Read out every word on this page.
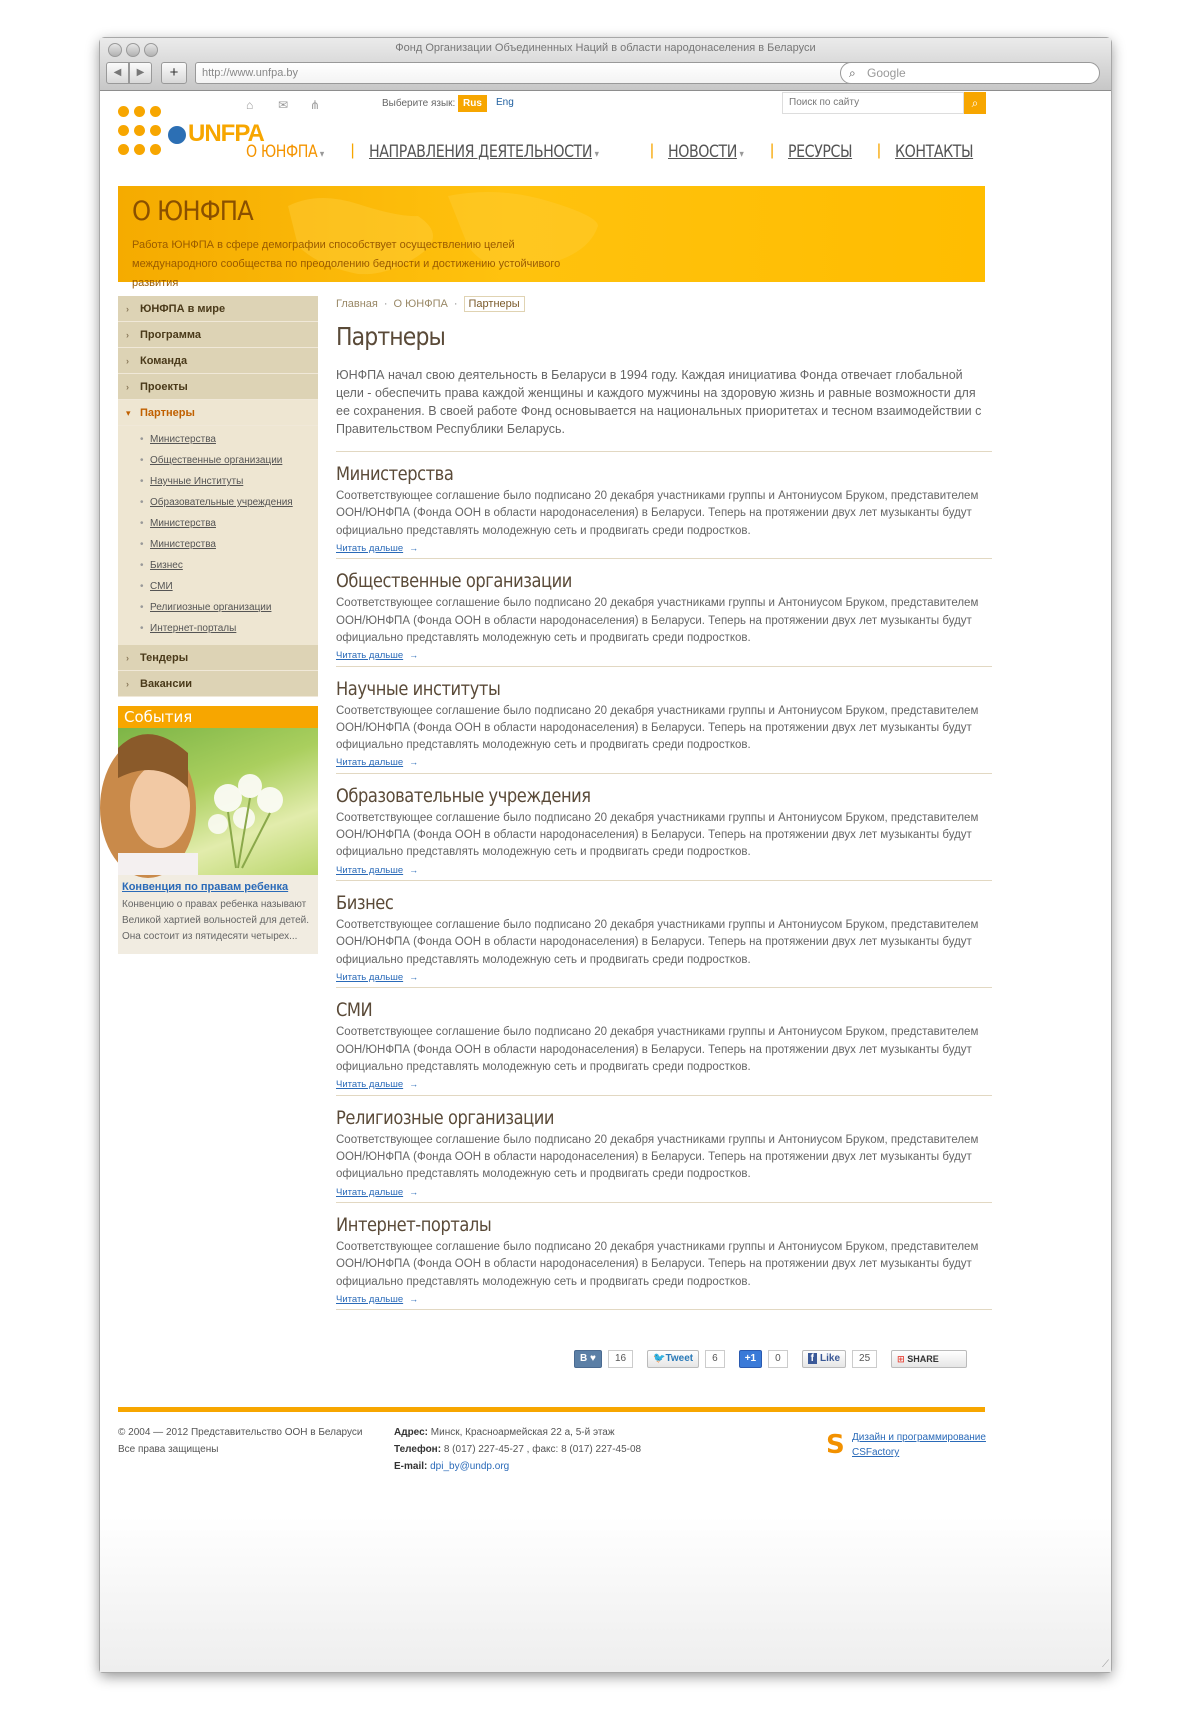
Фонд Организации Объединенных Наций в области народонаселения в Беларуси
◀	▶	+	http://www.unfpa.by	⌕ Google
UNFPA
⌂ ✉ ⋔	Выберите язык: Rus	Eng	Поиск по сайту	⌕
О ЮНФПА ▾ | НАПРАВЛЕНИЯ ДЕЯТЕЛЬНОСТИ ▾	| НОВОСТИ ▾ | РЕСУРСЫ | КОНТАКТЫ
О ЮНФПА
Работа ЮНФПА в сфере демографии способствует осуществлению целей международного сообщества по преодолению бедности и достижению устойчивого развития
› ЮНФПА в мире
› Программа
› Команда
› Проекты
▾ Партнеры
• Министерства
• Общественные организации
• Научные Институты
• Образовательные учреждения
• Министерства
• Министерства
• Бизнес
• СМИ
• Религиозные организации
• Интернет-порталы
› Тендеры
› Вакансии
События
Конвенция по правам ребенка
Конвенцию о правах ребенка называют Великой хартией вольностей для детей. Она состоит из пятидесяти четырех...
Главная · О ЮНФПА ·	Партнеры
Партнеры
ЮНФПА начал свою деятельность в Беларуси в 1994 году. Каждая инициатива Фонда отвечает глобальной цели - обеспечить права каждой женщины и каждого мужчины на здоровую жизнь и равные возможности для ее сохранения. В своей работе Фонд основывается на национальных приоритетах и тесном взаимодействии с Правительством Республики Беларусь.
Министерства

Соответствующее соглашение было подписано 20 декабря участниками группы и Антониусом Бруком, представителем ООН/ЮНФПА (Фонда ООН в области народонаселения) в Беларуси. Теперь на протяжении двух лет музыканты будут официально представлять молодежную сеть и продвигать среди подростков.

Читать дальше →
Общественные организации

Соответствующее соглашение было подписано 20 декабря участниками группы и Антониусом Бруком, представителем ООН/ЮНФПА (Фонда ООН в области народонаселения) в Беларуси. Теперь на протяжении двух лет музыканты будут официально представлять молодежную сеть и продвигать среди подростков.

Читать дальше →
Научные институты

Соответствующее соглашение было подписано 20 декабря участниками группы и Антониусом Бруком, представителем ООН/ЮНФПА (Фонда ООН в области народонаселения) в Беларуси. Теперь на протяжении двух лет музыканты будут официально представлять молодежную сеть и продвигать среди подростков.

Читать дальше →
Образовательные учреждения

Соответствующее соглашение было подписано 20 декабря участниками группы и Антониусом Бруком, представителем ООН/ЮНФПА (Фонда ООН в области народонаселения) в Беларуси. Теперь на протяжении двух лет музыканты будут официально представлять молодежную сеть и продвигать среди подростков.

Читать дальше →
Бизнес

Соответствующее соглашение было подписано 20 декабря участниками группы и Антониусом Бруком, представителем ООН/ЮНФПА (Фонда ООН в области народонаселения) в Беларуси. Теперь на протяжении двух лет музыканты будут официально представлять молодежную сеть и продвигать среди подростков.

Читать дальше →
СМИ

Соответствующее соглашение было подписано 20 декабря участниками группы и Антониусом Бруком, представителем ООН/ЮНФПА (Фонда ООН в области народонаселения) в Беларуси. Теперь на протяжении двух лет музыканты будут официально представлять молодежную сеть и продвигать среди подростков.

Читать дальше →
Религиозные организации

Соответствующее соглашение было подписано 20 декабря участниками группы и Антониусом Бруком, представителем ООН/ЮНФПА (Фонда ООН в области народонаселения) в Беларуси. Теперь на протяжении двух лет музыканты будут официально представлять молодежную сеть и продвигать среди подростков.

Читать дальше →
Интернет-порталы

Соответствующее соглашение было подписано 20 декабря участниками группы и Антониусом Бруком, представителем ООН/ЮНФПА (Фонда ООН в области народонаселения) в Беларуси. Теперь на протяжении двух лет музыканты будут официально представлять молодежную сеть и продвигать среди подростков.

Читать дальше →
В ♥	16	🐦Tweet	6	+1	0	f Like	25	⊞ SHARE
© 2004 — 2012 Представительство ООН в Беларуси
Все права защищены
Адрес: Минск, Красноармейская 22 а, 5-й этаж
Телефон: 8 (017) 227-45-27 , факс: 8 (017) 227-45-08
E-mail: dpi_by@undp.org
S Дизайн и программирование
CSFactory
⟋
